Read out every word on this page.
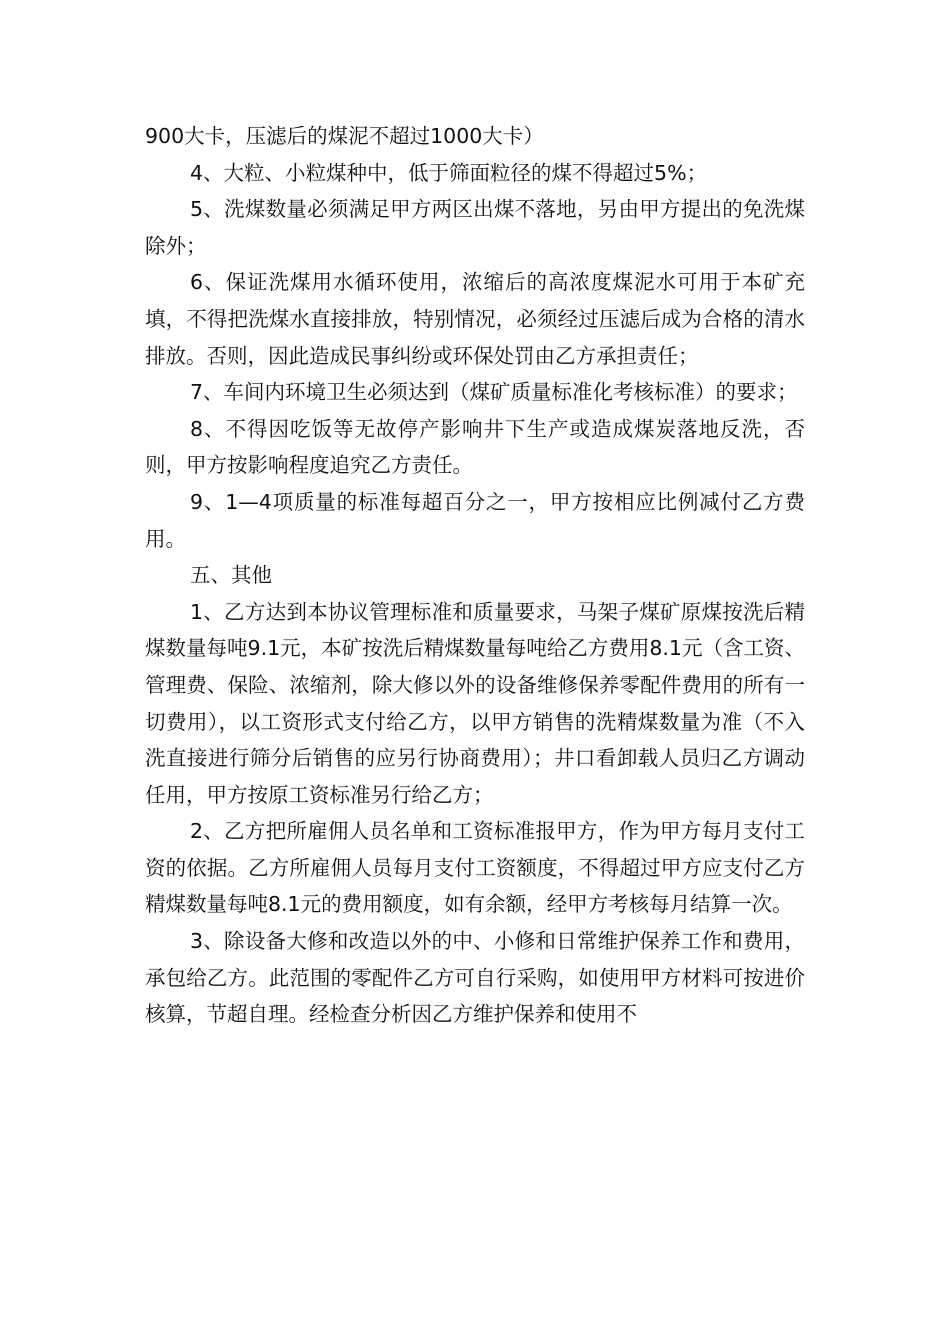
900大卡，压滤后的煤泥不超过1000大卡）

4、大粒、小粒煤种中，低于筛面粒径的煤不得超过5%；

5、洗煤数量必须满足甲方两区出煤不落地，另由甲方提出的免洗煤除外；

6、保证洗煤用水循环使用，浓缩后的高浓度煤泥水可用于本矿充填，不得把洗煤水直接排放，特别情况，必须经过压滤后成为合格的清水排放。否则，因此造成民事纠纷或环保处罚由乙方承担责任；

7、车间内环境卫生必须达到（煤矿质量标准化考核标准）的要求；

8、不得因吃饭等无故停产影响井下生产或造成煤炭落地反洗，否则，甲方按影响程度追究乙方责任。

9、1—4项质量的标准每超百分之一，甲方按相应比例减付乙方费用。

五、其他

1、乙方达到本协议管理标准和质量要求，马架子煤矿原煤按洗后精煤数量每吨9.1元，本矿按洗后精煤数量每吨给乙方费用8.1元（含工资、管理费、保险、浓缩剂，除大修以外的设备维修保养零配件费用的所有一切费用），以工资形式支付给乙方，以甲方销售的洗精煤数量为准（不入洗直接进行筛分后销售的应另行协商费用）；井口看卸载人员归乙方调动任用，甲方按原工资标准另行给乙方；

2、乙方把所雇佣人员名单和工资标准报甲方，作为甲方每月支付工资的依据。乙方所雇佣人员每月支付工资额度，不得超过甲方应支付乙方精煤数量每吨8.1元的费用额度，如有余额，经甲方考核每月结算一次。

3、除设备大修和改造以外的中、小修和日常维护保养工作和费用，承包给乙方。此范围的零配件乙方可自行采购，如使用甲方材料可按进价核算，节超自理。经检查分析因乙方维护保养和使用不
